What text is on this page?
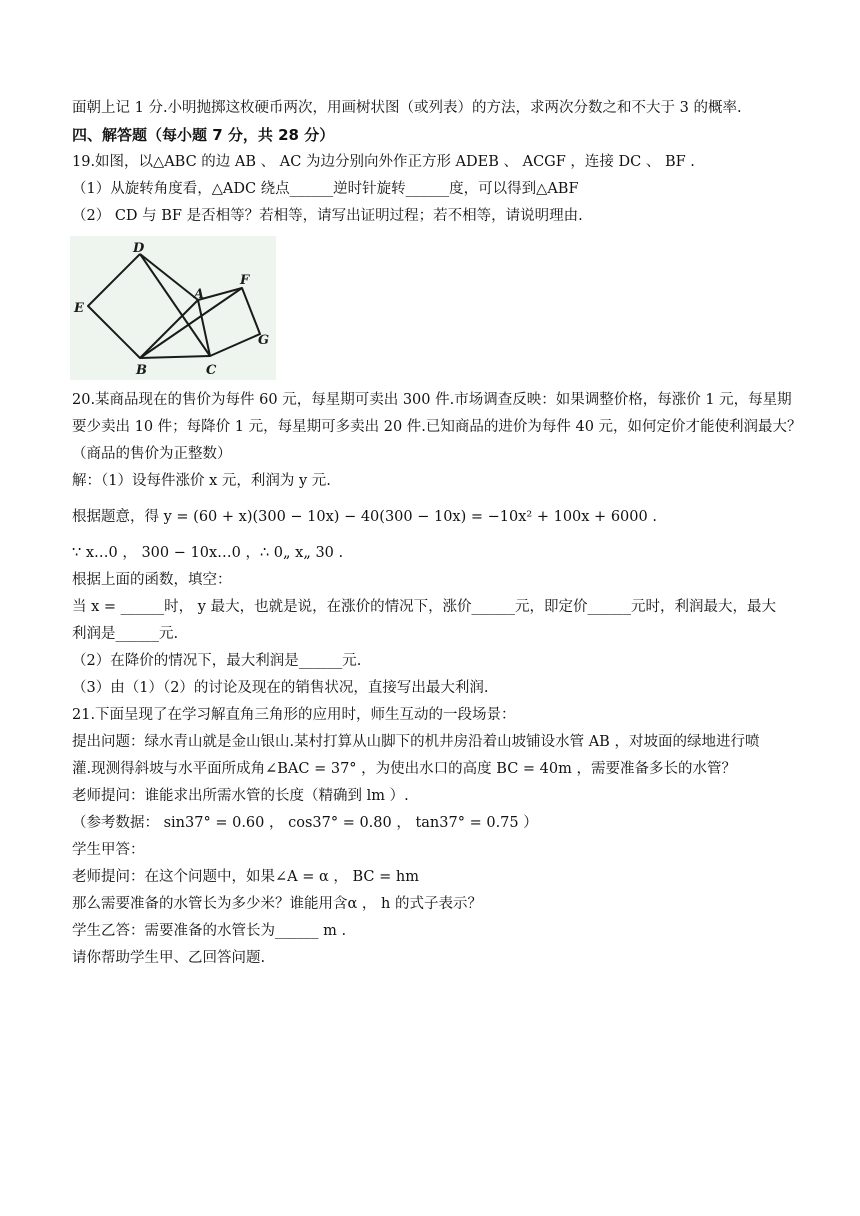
面朝上记 1 分.小明抛掷这枚硬币两次，用画树状图（或列表）的方法，求两次分数之和不大于 3 的概率.
四、解答题（每小题 7 分，共 28 分）
19.如图，以△ABC 的边 AB 、 AC 为边分别向外作正方形 ADEB 、 ACGF ，连接 DC 、 BF .
（1）从旋转角度看，△ADC 绕点______逆时针旋转______度，可以得到△ABF
（2） CD 与 BF 是否相等？若相等，请写出证明过程；若不相等，请说明理由.
D
E
A
F
G
B	C
20.某商品现在的售价为每件 60 元，每星期可卖出 300 件.市场调查反映：如果调整价格，每涨价 1 元，每星期
要少卖出 10 件；每降价 1 元，每星期可多卖出 20 件.已知商品的进价为每件 40 元，如何定价才能使利润最大？
（商品的售价为正整数）
解：（1）设每件涨价 x 元，利润为 y 元.
根据题意，得 y = (60 + x)(300 − 10x) − 40(300 − 10x) = −10x² + 100x + 6000 .
∵ x…0 ， 300 − 10x…0 ，∴ 0„ x„ 30 .
根据上面的函数，填空：
当 x = ______时， y 最大，也就是说，在涨价的情况下，涨价______元，即定价______元时，利润最大，最大
利润是______元.
（2）在降价的情况下，最大利润是______元.
（3）由（1）（2）的讨论及现在的销售状况，直接写出最大利润.
21.下面呈现了在学习解直角三角形的应用时，师生互动的一段场景：
提出问题：绿水青山就是金山银山.某村打算从山脚下的机井房沿着山坡铺设水管 AB ，对坡面的绿地进行喷
灌.现测得斜坡与水平面所成角∠BAC = 37° ，为使出水口的高度 BC = 40m ，需要准备多长的水管？
老师提问：谁能求出所需水管的长度（精确到 lm ）.
（参考数据： sin37° = 0.60 ， cos37° = 0.80 ， tan37° = 0.75 ）
学生甲答：
老师提问：在这个问题中，如果∠A = α ， BC = hm
那么需要准备的水管长为多少米？谁能用含α ， h 的式子表示？
学生乙答：需要准备的水管长为______ m .
请你帮助学生甲、乙回答问题.
